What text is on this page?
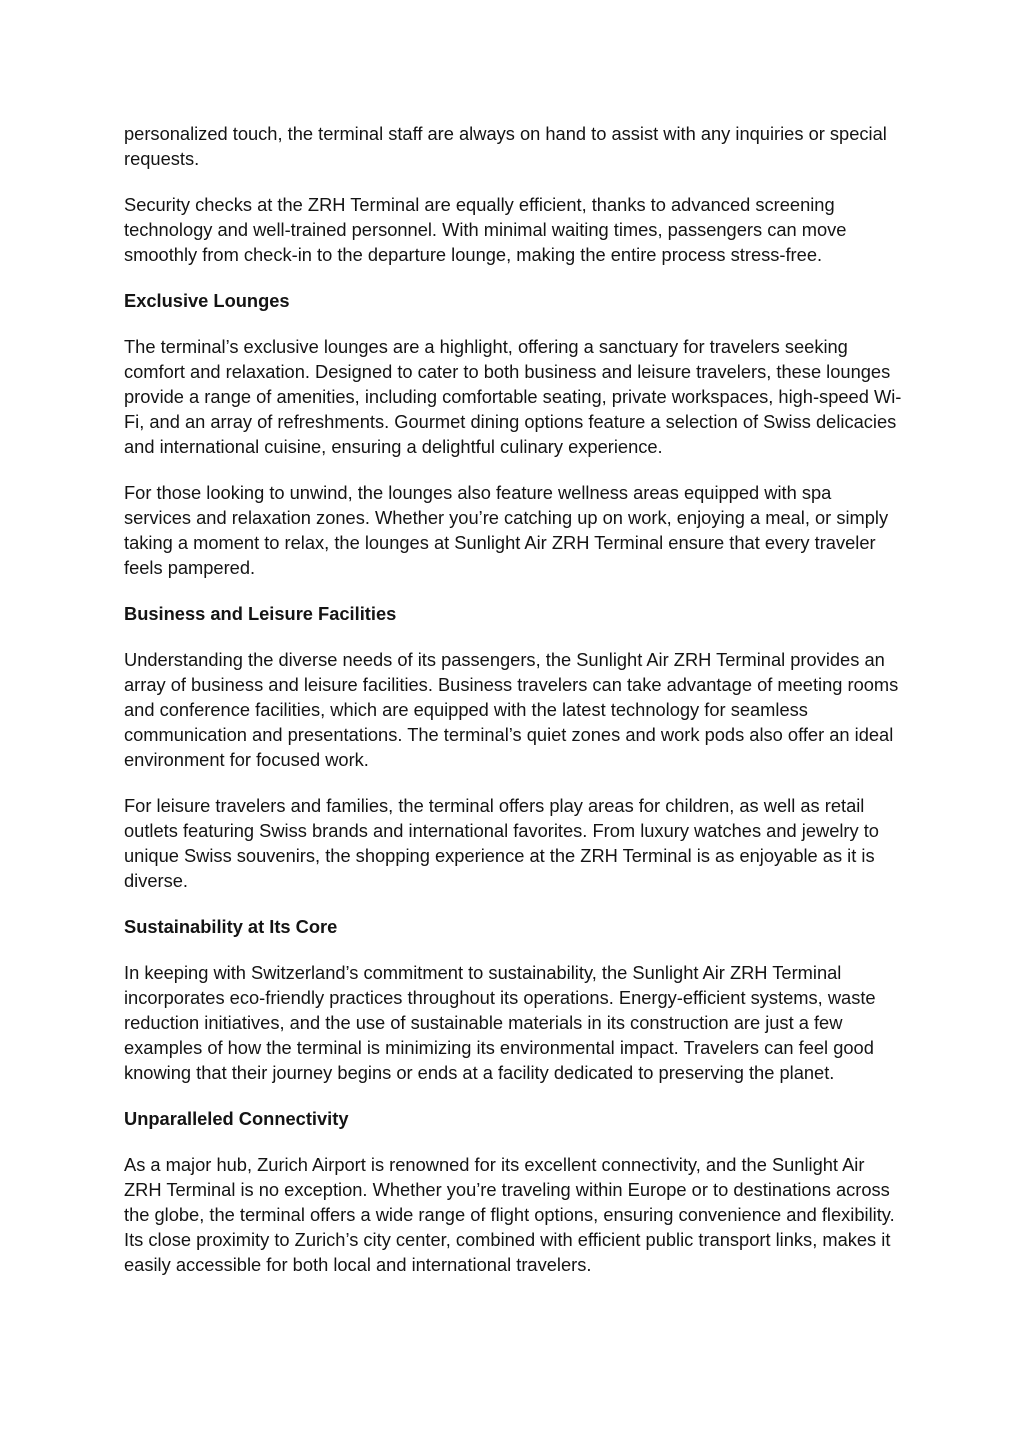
personalized touch, the terminal staff are always on hand to assist with any inquiries or special requests.

Security checks at the ZRH Terminal are equally efficient, thanks to advanced screening technology and well-trained personnel. With minimal waiting times, passengers can move smoothly from check-in to the departure lounge, making the entire process stress-free.

Exclusive Lounges

The terminal’s exclusive lounges are a highlight, offering a sanctuary for travelers seeking comfort and relaxation. Designed to cater to both business and leisure travelers, these lounges provide a range of amenities, including comfortable seating, private workspaces, high-speed Wi-Fi, and an array of refreshments. Gourmet dining options feature a selection of Swiss delicacies and international cuisine, ensuring a delightful culinary experience.

For those looking to unwind, the lounges also feature wellness areas equipped with spa services and relaxation zones. Whether you’re catching up on work, enjoying a meal, or simply taking a moment to relax, the lounges at Sunlight Air ZRH Terminal ensure that every traveler feels pampered.

Business and Leisure Facilities

Understanding the diverse needs of its passengers, the Sunlight Air ZRH Terminal provides an array of business and leisure facilities. Business travelers can take advantage of meeting rooms and conference facilities, which are equipped with the latest technology for seamless communication and presentations. The terminal’s quiet zones and work pods also offer an ideal environment for focused work.

For leisure travelers and families, the terminal offers play areas for children, as well as retail outlets featuring Swiss brands and international favorites. From luxury watches and jewelry to unique Swiss souvenirs, the shopping experience at the ZRH Terminal is as enjoyable as it is diverse.

Sustainability at Its Core

In keeping with Switzerland’s commitment to sustainability, the Sunlight Air ZRH Terminal incorporates eco-friendly practices throughout its operations. Energy-efficient systems, waste reduction initiatives, and the use of sustainable materials in its construction are just a few examples of how the terminal is minimizing its environmental impact. Travelers can feel good knowing that their journey begins or ends at a facility dedicated to preserving the planet.

Unparalleled Connectivity

As a major hub, Zurich Airport is renowned for its excellent connectivity, and the Sunlight Air ZRH Terminal is no exception. Whether you’re traveling within Europe or to destinations across the globe, the terminal offers a wide range of flight options, ensuring convenience and flexibility. Its close proximity to Zurich’s city center, combined with efficient public transport links, makes it easily accessible for both local and international travelers.
